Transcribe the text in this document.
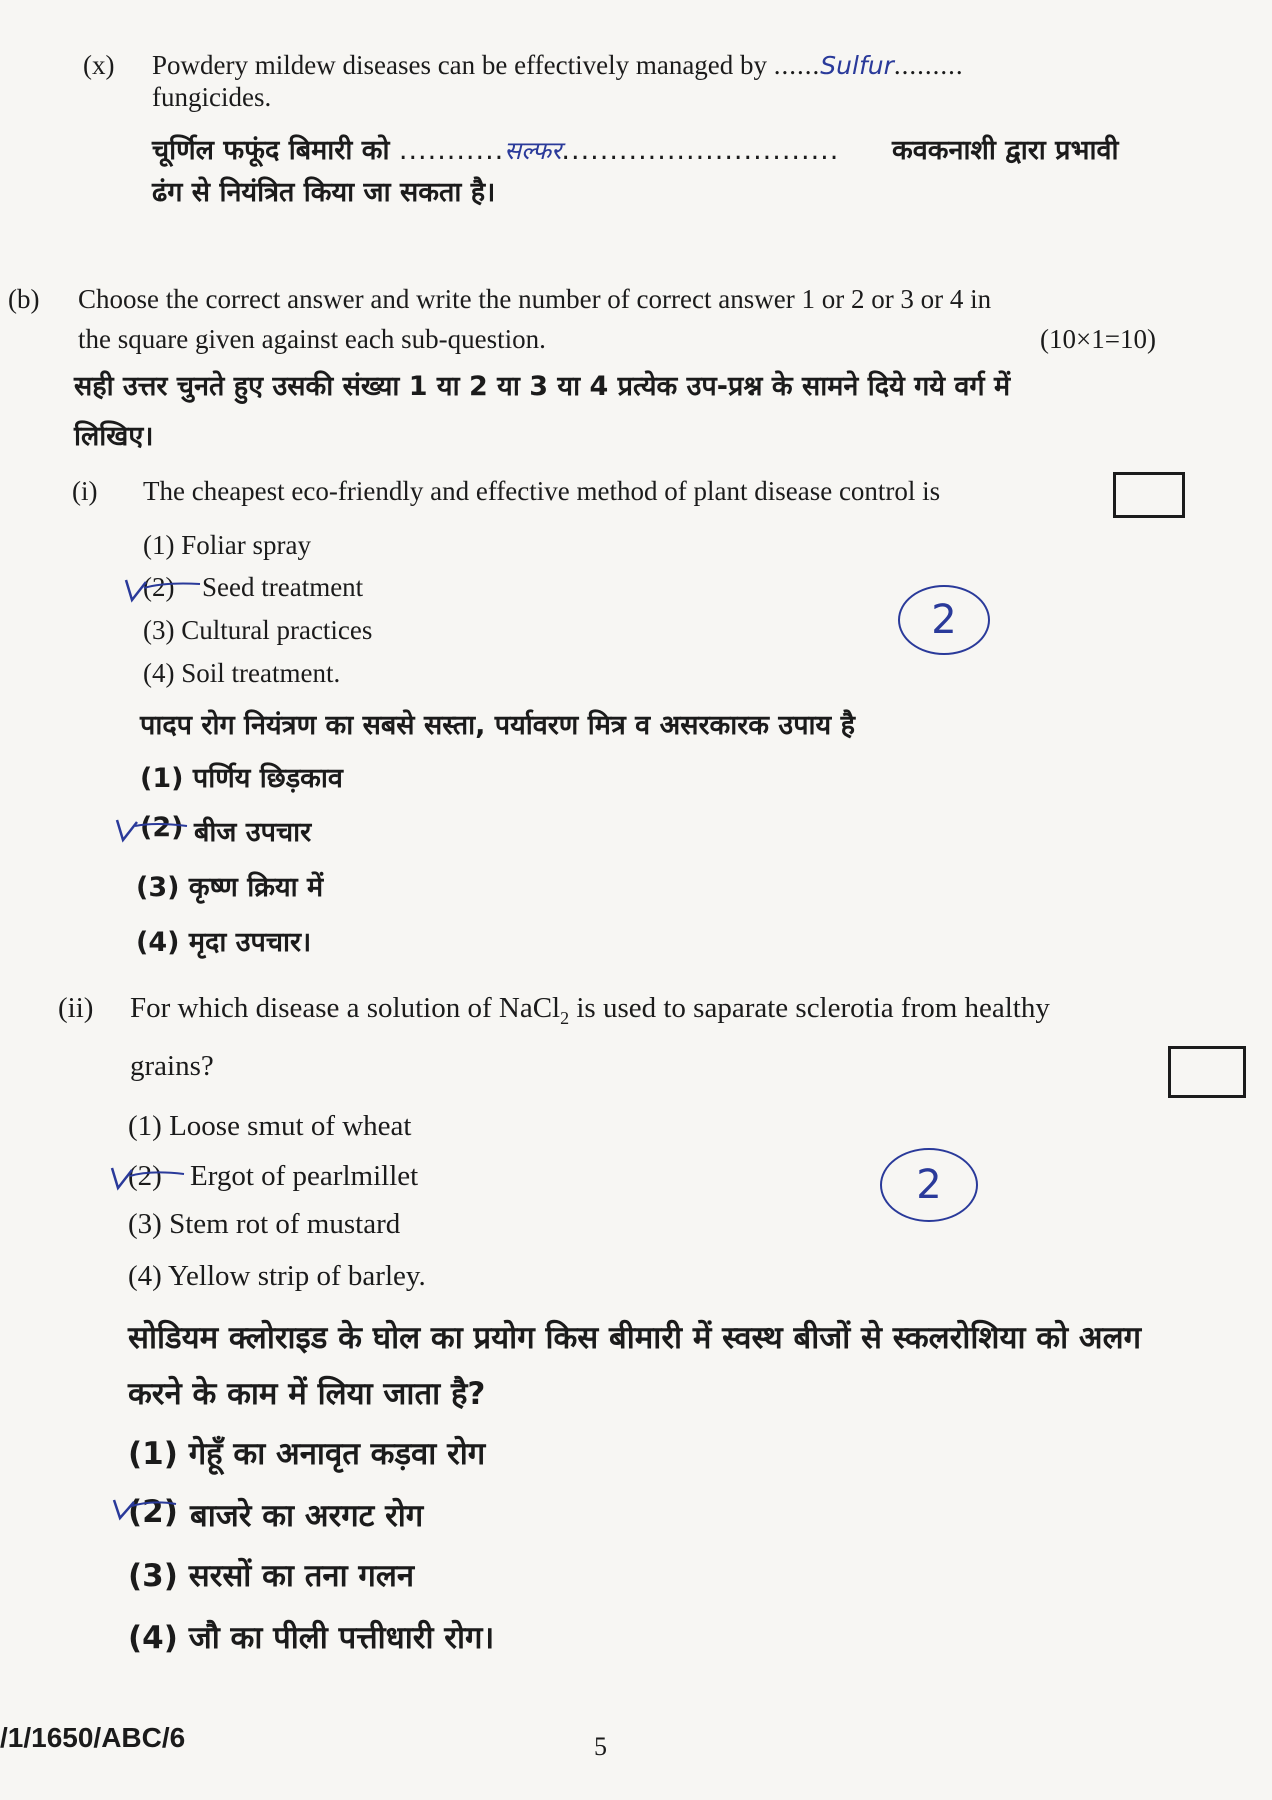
(x) Powdery mildew diseases can be effectively managed by ......Sulfur.........
fungicides.
चूर्णिल फफूंद बिमारी को ...........सल्फर............................. कवकनाशी द्वारा प्रभावी
ढंग से नियंत्रित किया जा सकता है।
(b) Choose the correct answer and write the number of correct answer 1 or 2 or 3 or 4 in
the square given against each sub-question.	(10×1=10)
सही उत्तर चुनते हुए उसकी संख्या 1 या 2 या 3 या 4 प्रत्येक उप-प्रश्न के सामने दिये गये वर्ग में
लिखिए।
(i) The cheapest eco-friendly and effective method of plant disease control is
(1) Foliar spray
(2) Seed treatment
(3) Cultural practices
(4) Soil treatment.
2
पादप रोग नियंत्रण का सबसे सस्ता, पर्यावरण मित्र व असरकारक उपाय है
(1) पर्णिय छिड़काव
(2) बीज उपचार
(3) कृष्ण क्रिया में
(4) मृदा उपचार।
(ii) For which disease a solution of NaCl$_2$ is used to saparate sclerotia from healthy
grains?
(1) Loose smut of wheat
(2) Ergot of pearlmillet
(3) Stem rot of mustard
(4) Yellow strip of barley.
2
सोडियम क्लोराइड के घोल का प्रयोग किस बीमारी में स्वस्थ बीजों से स्कलरोशिया को अलग
करने के काम में लिया जाता है?
(1) गेहूँ का अनावृत कड़वा रोग
(2) बाजरे का अरगट रोग
(3) सरसों का तना गलन
(4) जौ का पीली पत्तीधारी रोग।
/1/1650/ABC/6	5
